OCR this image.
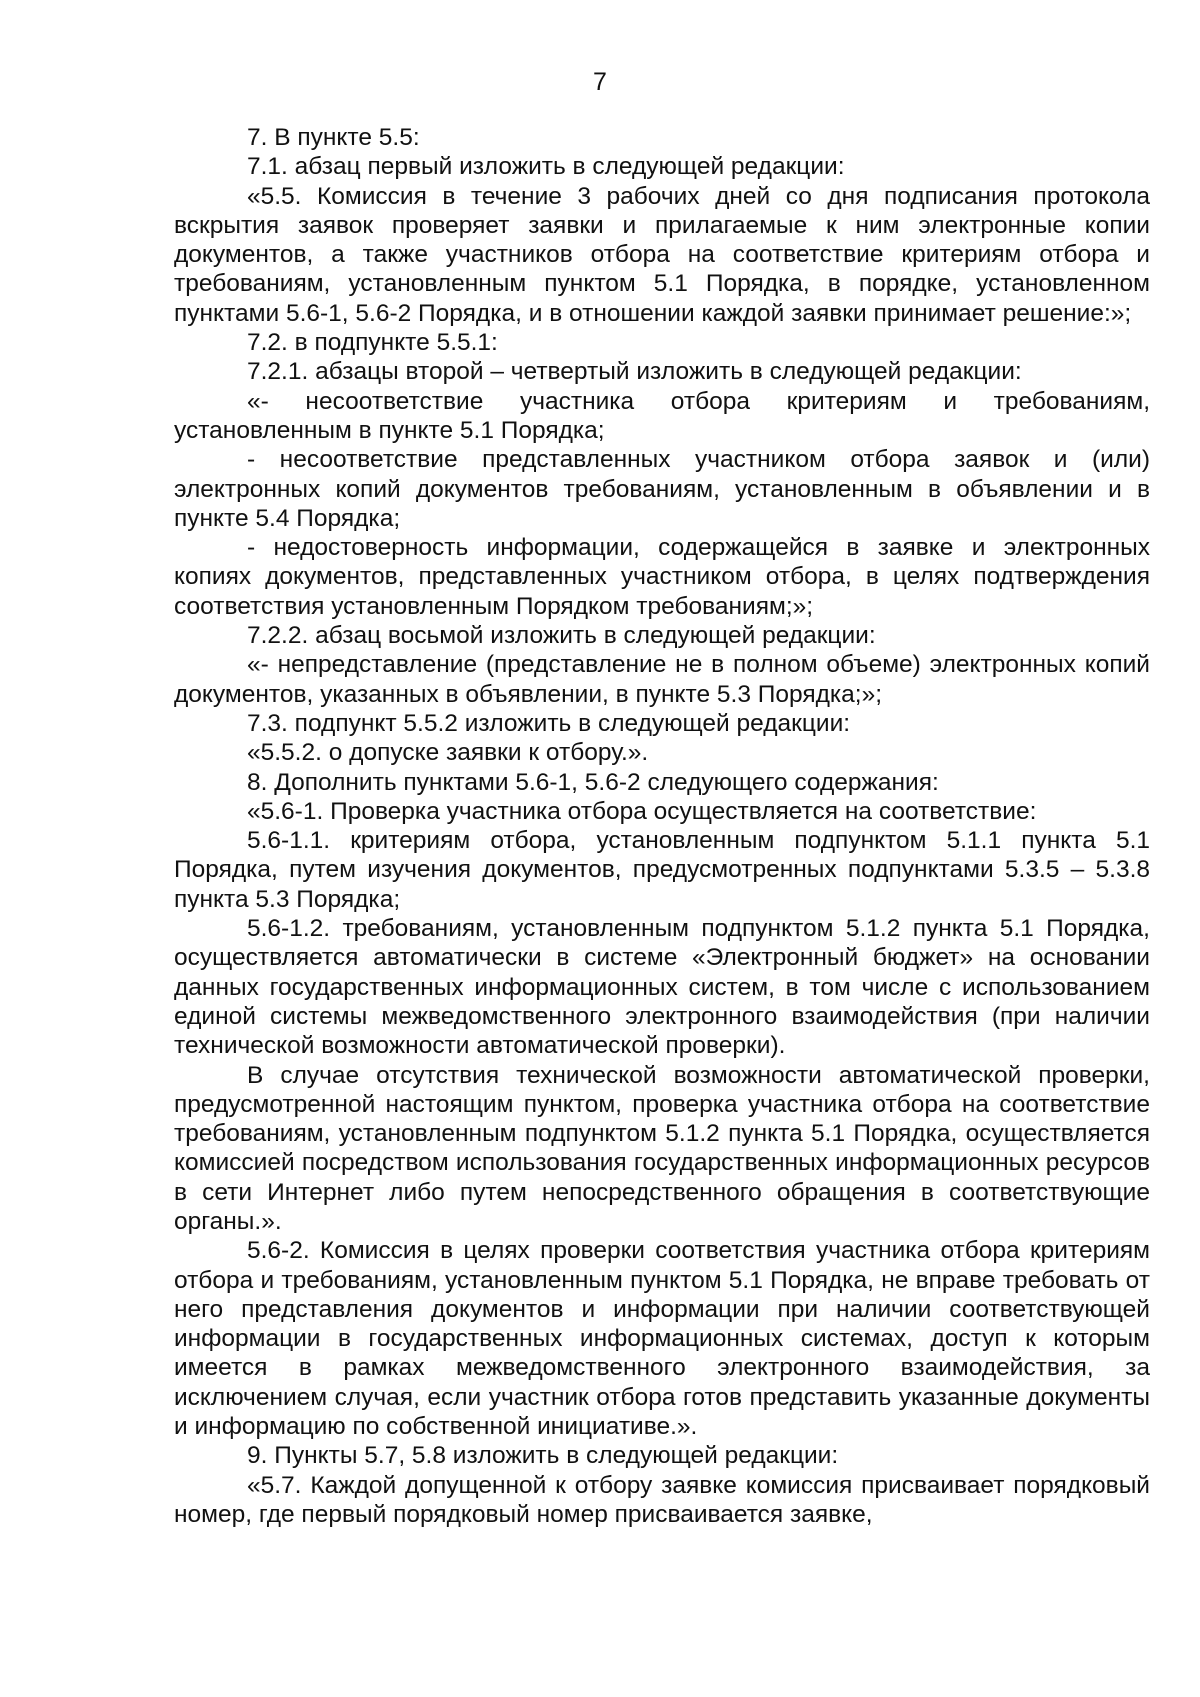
7

7. В пункте 5.5:

7.1. абзац первый изложить в следующей редакции:

«5.5. Комиссия в течение 3 рабочих дней со дня подписания протокола вскрытия заявок проверяет заявки и прилагаемые к ним электронные копии документов, а также участников отбора на соответствие критериям отбора и требованиям, установленным пунктом 5.1 Порядка, в порядке, установленном пунктами 5.6-1, 5.6-2 Порядка, и в отношении каждой заявки принимает решение:»;

7.2. в подпункте 5.5.1:

7.2.1. абзацы второй – четвертый изложить в следующей редакции:

«- несоответствие участника отбора критериям и требованиям, установленным в пункте 5.1 Порядка;

- несоответствие представленных участником отбора заявок и (или) электронных копий документов требованиям, установленным в объявлении и в пункте 5.4 Порядка;

- недостоверность информации, содержащейся в заявке и электронных копиях документов, представленных участником отбора, в целях подтверждения соответствия установленным Порядком требованиям;»;

7.2.2. абзац восьмой изложить в следующей редакции:

«- непредставление (представление не в полном объеме) электронных копий документов, указанных в объявлении, в пункте 5.3 Порядка;»;

7.3. подпункт 5.5.2 изложить в следующей редакции:

«5.5.2. о допуске заявки к отбору.».

8. Дополнить пунктами 5.6-1, 5.6-2 следующего содержания:

«5.6-1. Проверка участника отбора осуществляется на соответствие:

5.6-1.1. критериям отбора, установленным подпунктом 5.1.1 пункта 5.1 Порядка, путем изучения документов, предусмотренных подпунктами 5.3.5 – 5.3.8 пункта 5.3 Порядка;

5.6-1.2. требованиям, установленным подпунктом 5.1.2 пункта 5.1 Порядка, осуществляется автоматически в системе «Электронный бюджет» на основании данных государственных информационных систем, в том числе с использованием единой системы межведомственного электронного взаимодействия (при наличии технической возможности автоматической проверки).

В случае отсутствия технической возможности автоматической проверки, предусмотренной настоящим пунктом, проверка участника отбора на соответствие требованиям, установленным подпунктом 5.1.2 пункта 5.1 Порядка, осуществляется комиссией посредством использования государственных информационных ресурсов в сети Интернет либо путем непосредственного обращения в соответствующие органы.».

5.6-2. Комиссия в целях проверки соответствия участника отбора критериям отбора и требованиям, установленным пунктом 5.1 Порядка, не вправе требовать от него представления документов и информации при наличии соответствующей информации в государственных информационных системах, доступ к которым имеется в рамках межведомственного электронного взаимодействия, за исключением случая, если участник отбора готов представить указанные документы и информацию по собственной инициативе.».

9. Пункты 5.7, 5.8 изложить в следующей редакции:

«5.7. Каждой допущенной к отбору заявке комиссия присваивает порядковый номер, где первый порядковый номер присваивается заявке,
